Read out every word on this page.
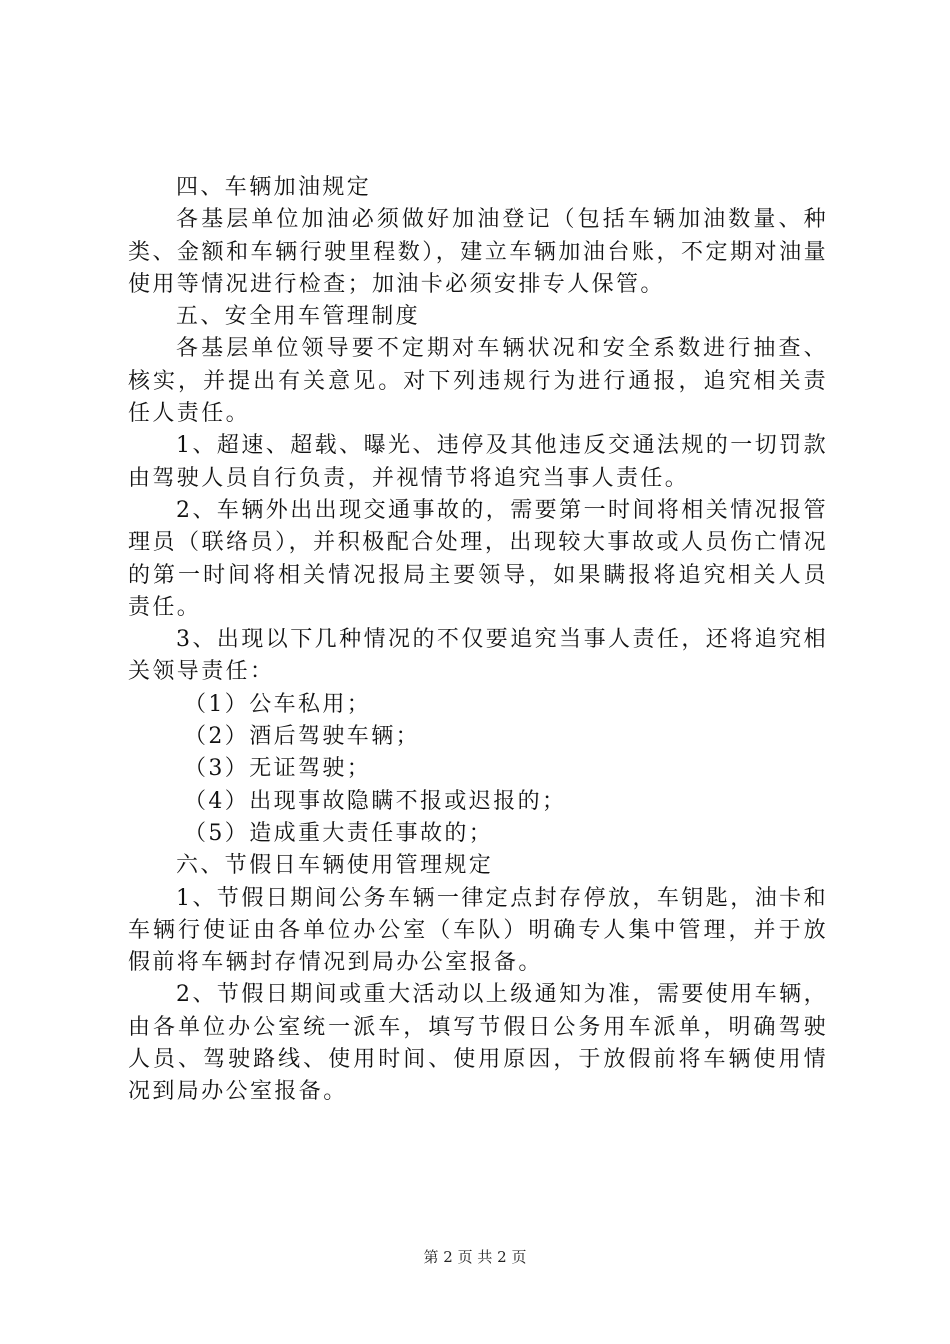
四、车辆加油规定

各基层单位加油必须做好加油登记（包括车辆加油数量、种类、金额和车辆行驶里程数），建立车辆加油台账，不定期对油量使用等情况进行检查；加油卡必须安排专人保管。

五、安全用车管理制度

各基层单位领导要不定期对车辆状况和安全系数进行抽查、核实，并提出有关意见。对下列违规行为进行通报，追究相关责任人责任。

1、超速、超载、曝光、违停及其他违反交通法规的一切罚款由驾驶人员自行负责，并视情节将追究当事人责任。

2、车辆外出出现交通事故的，需要第一时间将相关情况报管理员（联络员），并积极配合处理，出现较大事故或人员伤亡情况的第一时间将相关情况报局主要领导，如果瞒报将追究相关人员责任。

3、出现以下几种情况的不仅要追究当事人责任，还将追究相关领导责任：

（1）公车私用；

（2）酒后驾驶车辆；

（3）无证驾驶；

（4）出现事故隐瞒不报或迟报的；

（5）造成重大责任事故的；

六、节假日车辆使用管理规定

1、节假日期间公务车辆一律定点封存停放，车钥匙，油卡和车辆行使证由各单位办公室（车队）明确专人集中管理，并于放假前将车辆封存情况到局办公室报备。

2、节假日期间或重大活动以上级通知为准，需要使用车辆，由各单位办公室统一派车，填写节假日公务用车派单，明确驾驶人员、驾驶路线、使用时间、使用原因，于放假前将车辆使用情况到局办公室报备。

第 2 页 共 2 页
